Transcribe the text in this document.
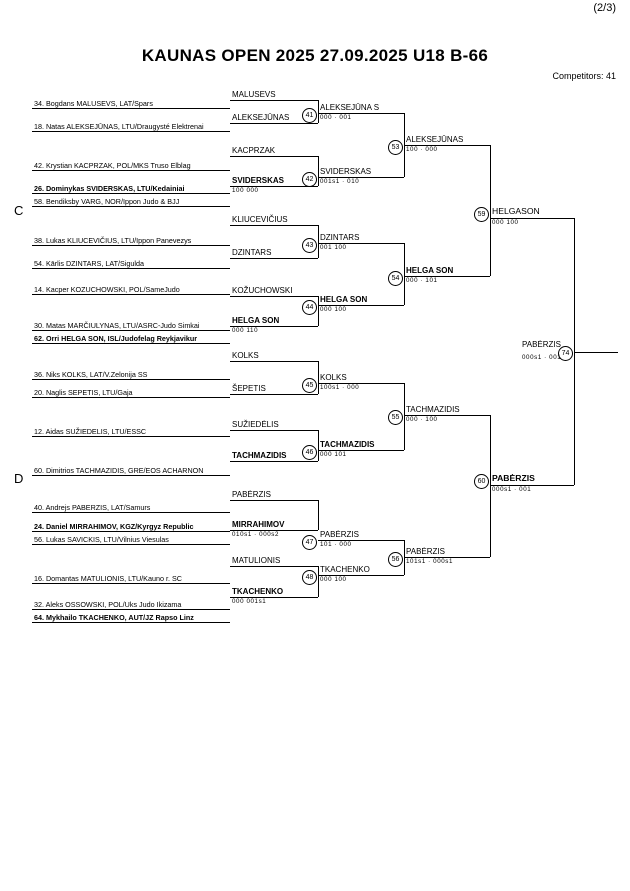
(2/3)
KAUNAS OPEN 2025 27.09.2025 U18 B-66
Competitors: 41
C
D
34. Bogdans MALUSEVS, LAT/Spars
18. Natas ALEKSEJŪNAS, LTU/Draugysté Elektrenai
42. Krystian KACPRZAK, POL/MKS Truso Elblag
26. Dominykas SVIDERSKAS, LTU/Kedainiai
58. Bendiksby VARG, NOR/Ippon Judo & BJJ
38. Lukas KLIUCEVIČIUS, LTU/Ippon Panevezys
54. Kārlis DZINTARS, LAT/Sigulda
14. Kacper KOZUCHOWSKI, POL/SameJudo
30. Matas MARČIULYNAS, LTU/ASRC-Judo Simkai
62. Orri HELGA SON, ISL/Judofelag Reykjavikur
36. Niks KOLKS, LAT/V.Zelonija SS
20. Naglis SEPETIS, LTU/Gaja
12. Aidas SUŽIEDELIS, LTU/ESSC
60. Dimitrios TACHMAZIDIS, GRE/EOS ACHARNON
40. Andrejs PABERZIS, LAT/Samurs
24. Daniel MIRRAHIMOV, KGZ/Kyrgyz Republic
56. Lukas SAVICKIS, LTU/Vilnius Viesulas
16. Domantas MATULIONIS, LTU/Kauno r. SC
32. Aleks OSSOWSKI, POL/Uks Judo Ikizama
64. Mykhailo TKACHENKO, AUT/JZ Rapso Linz
MALUSEVS
ALEKSEJŪNAS
KACPRZAK
SVIDERSKAS
100 000
KLIUCEVIČIUS
DZINTARS
KOŽUCHOWSKI
HELGA SON
000 110
KOLKS
ŠEPETIS
SUŽIEDĖLIS
TACHMAZIDIS
PABĖRZIS
MIRRAHIMOV
010s1 · 000s2
MATULIONIS
TKACHENKO
000 001s1
41
ALEKSEJŪNA S
000 · 001
42
SVIDERSKAS
001s1 · 010
43
DZINTARS
001 100
44
HELGA SON
000 100
45
KOLKS
100s1 · 000
46
TACHMAZIDIS
000 101
47
PABĖRZIS
101 · 000
48
TKACHENKO
000 100
53
ALEKSEJŪNAS
100 · 000
54
HELGA SON
000 · 101
55
TACHMAZIDIS
000 · 100
56
PABĖRZIS
101s1 · 000s1
59 HELGASON
000 100
60 PABĖRZIS
000s1 · 001
74
PABĖRZIS
000s1 · 001
